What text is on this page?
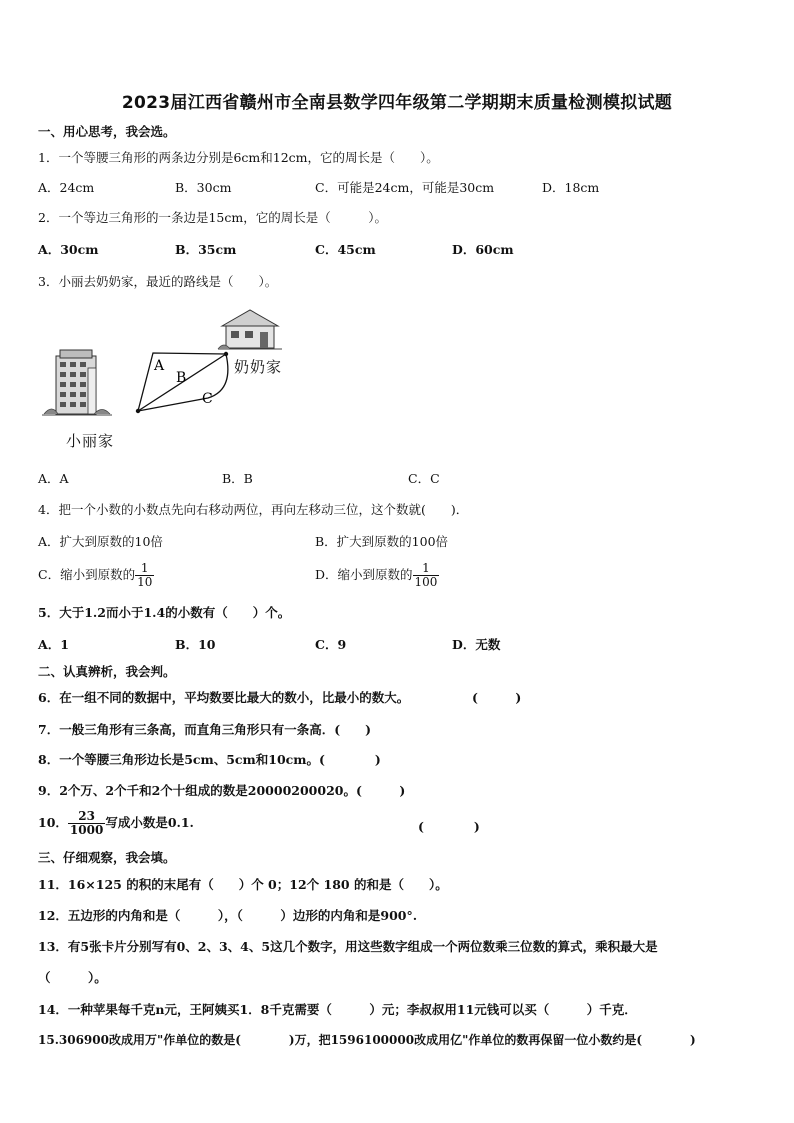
2023届江西省赣州市全南县数学四年级第二学期期末质量检测模拟试题
一、用心思考，我会选。
1．一个等腰三角形的两条边分别是6cm和12cm，它的周长是（　　）。
A．24cm	B．30cm	C．可能是24cm，可能是30cm	D．18cm
2．一个等边三角形的一条边是15cm，它的周长是（　　　）。
A．30cm	B．35cm	C．45cm	D．60cm
3．小丽去奶奶家，最近的路线是（　　）。
A
B
C
奶奶家
小丽家
A．A	B．B	C．C
4．把一个小数的小数点先向右移动两位，再向左移动三位，这个数就(　　)．
A．扩大到原数的10倍	B．扩大到原数的100倍
C．缩小到原数的 $\frac{1}{10}$	D．缩小到原数的 $\frac{1}{100}$
5．大于1.2而小于1.4的小数有（　　）个。
A．1	B．10	C．9	D．无数
二、认真辨析，我会判。
6．在一组不同的数据中，平均数要比最大的数小，比最小的数大。	(　　　)
7．一般三角形有三条高，而直角三角形只有一条高．(　　)
8．一个等腰三角形边长是5cm、5cm和10cm。(　　　　)
9．2个万、2个千和2个十组成的数是20000200020。(　　　)
10． $\frac{23}{1000}$ 写成小数是0.1.	(　　　　)
三、仔细观察，我会填。
11．16×125 的积的末尾有（　　）个 0；12个 180 的和是（　　）。
12．五边形的内角和是（　　　），（　　　）边形的内角和是900°.
13．有5张卡片分别写有0、2、3、4、5这几个数字，用这些数字组成一个两位数乘三位数的算式，乘积最大是
（　　　）。
14．一种苹果每千克n元，王阿姨买1．8千克需要（　　　）元；李叔叔用11元钱可以买（　　　）千克．
15.306900改成用万"作单位的数是(　　　　)万，把1596100000改成用亿"作单位的数再保留一位小数约是(　　　　)
